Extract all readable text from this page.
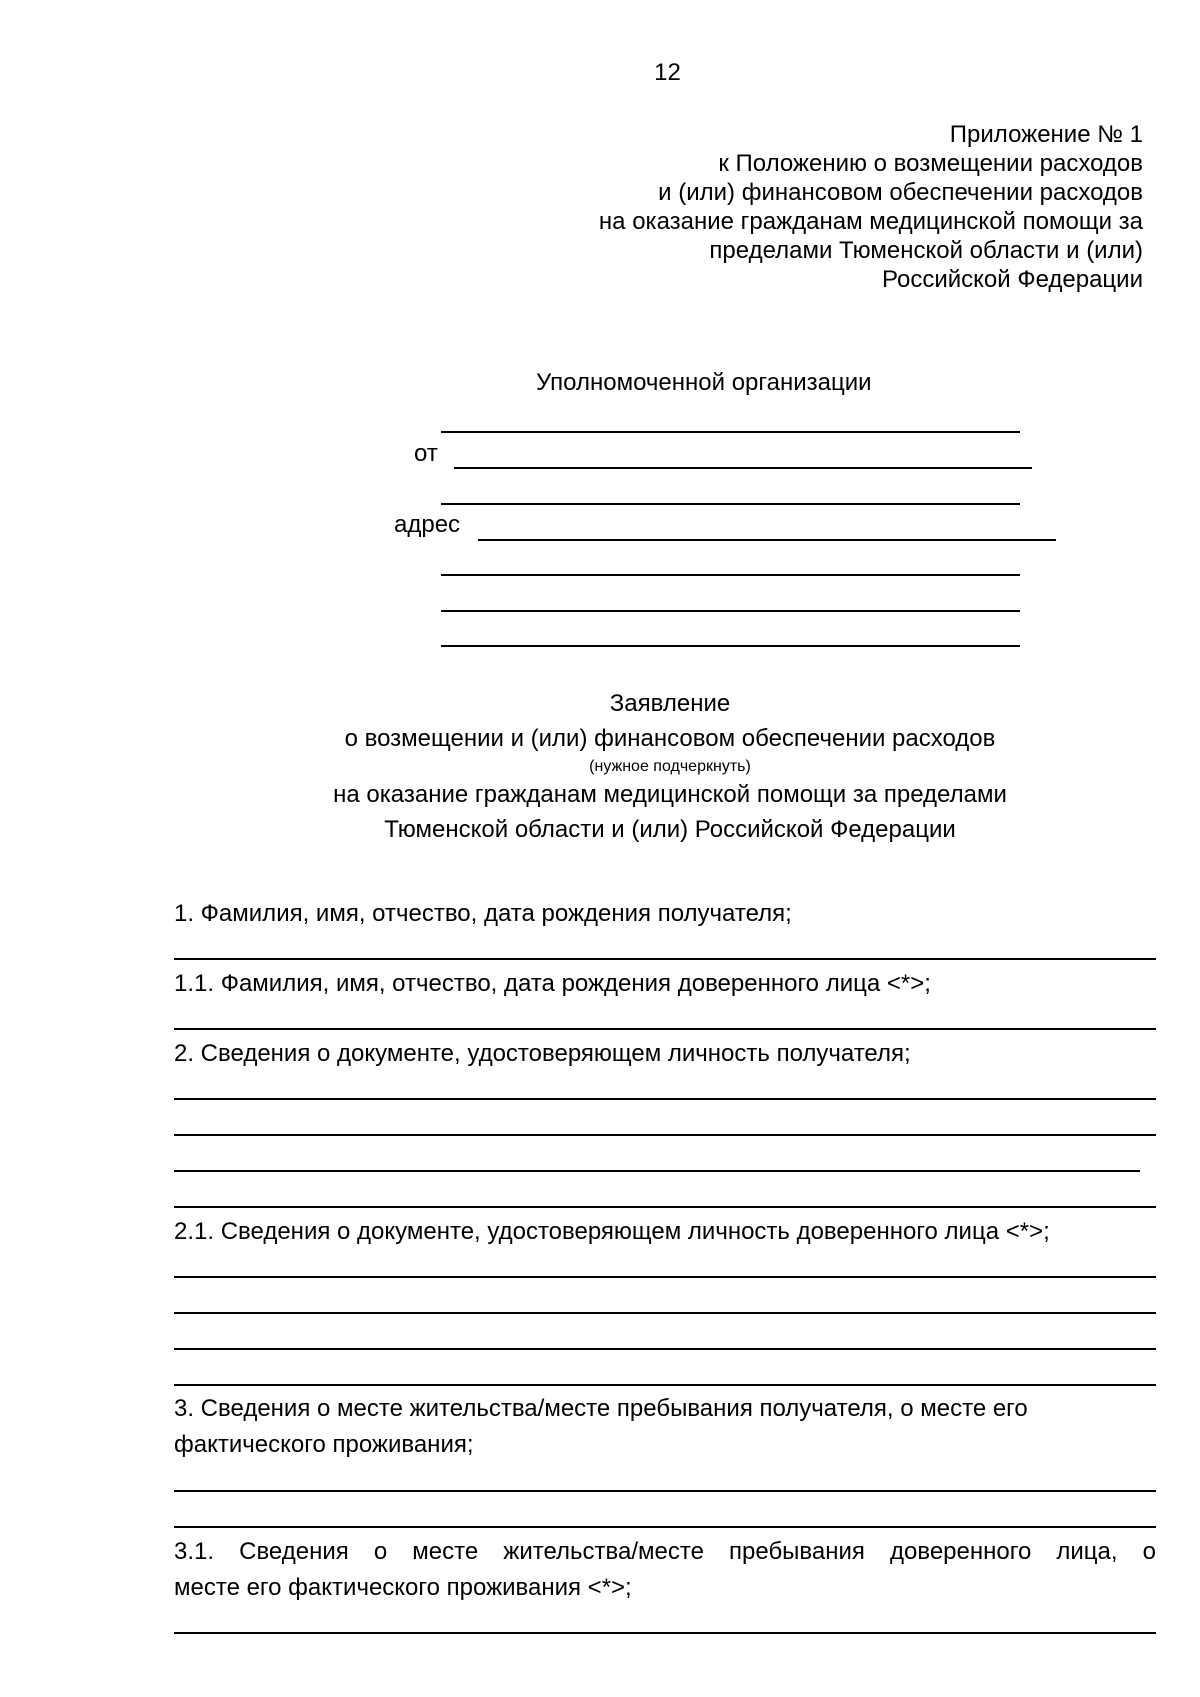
12
Приложение № 1
к Положению о возмещении расходов
и (или) финансовом обеспечении расходов
на оказание гражданам медицинской помощи за
пределами Тюменской области и (или)
Российской Федерации
Уполномоченной организации
от
адрес
Заявление
о возмещении и (или) финансовом обеспечении расходов
(нужное подчеркнуть)
на оказание гражданам медицинской помощи за пределами
Тюменской области и (или) Российской Федерации
1. Фамилия, имя, отчество, дата рождения получателя;
1.1. Фамилия, имя, отчество, дата рождения доверенного лица <*>;
2. Сведения о документе, удостоверяющем личность получателя;
2.1. Сведения о документе, удостоверяющем личность доверенного лица <*>;
3. Сведения о месте жительства/месте пребывания получателя, о месте его
фактического проживания;
3.1. Сведения о месте жительства/месте пребывания доверенного лица, о
месте его фактического проживания <*>;
